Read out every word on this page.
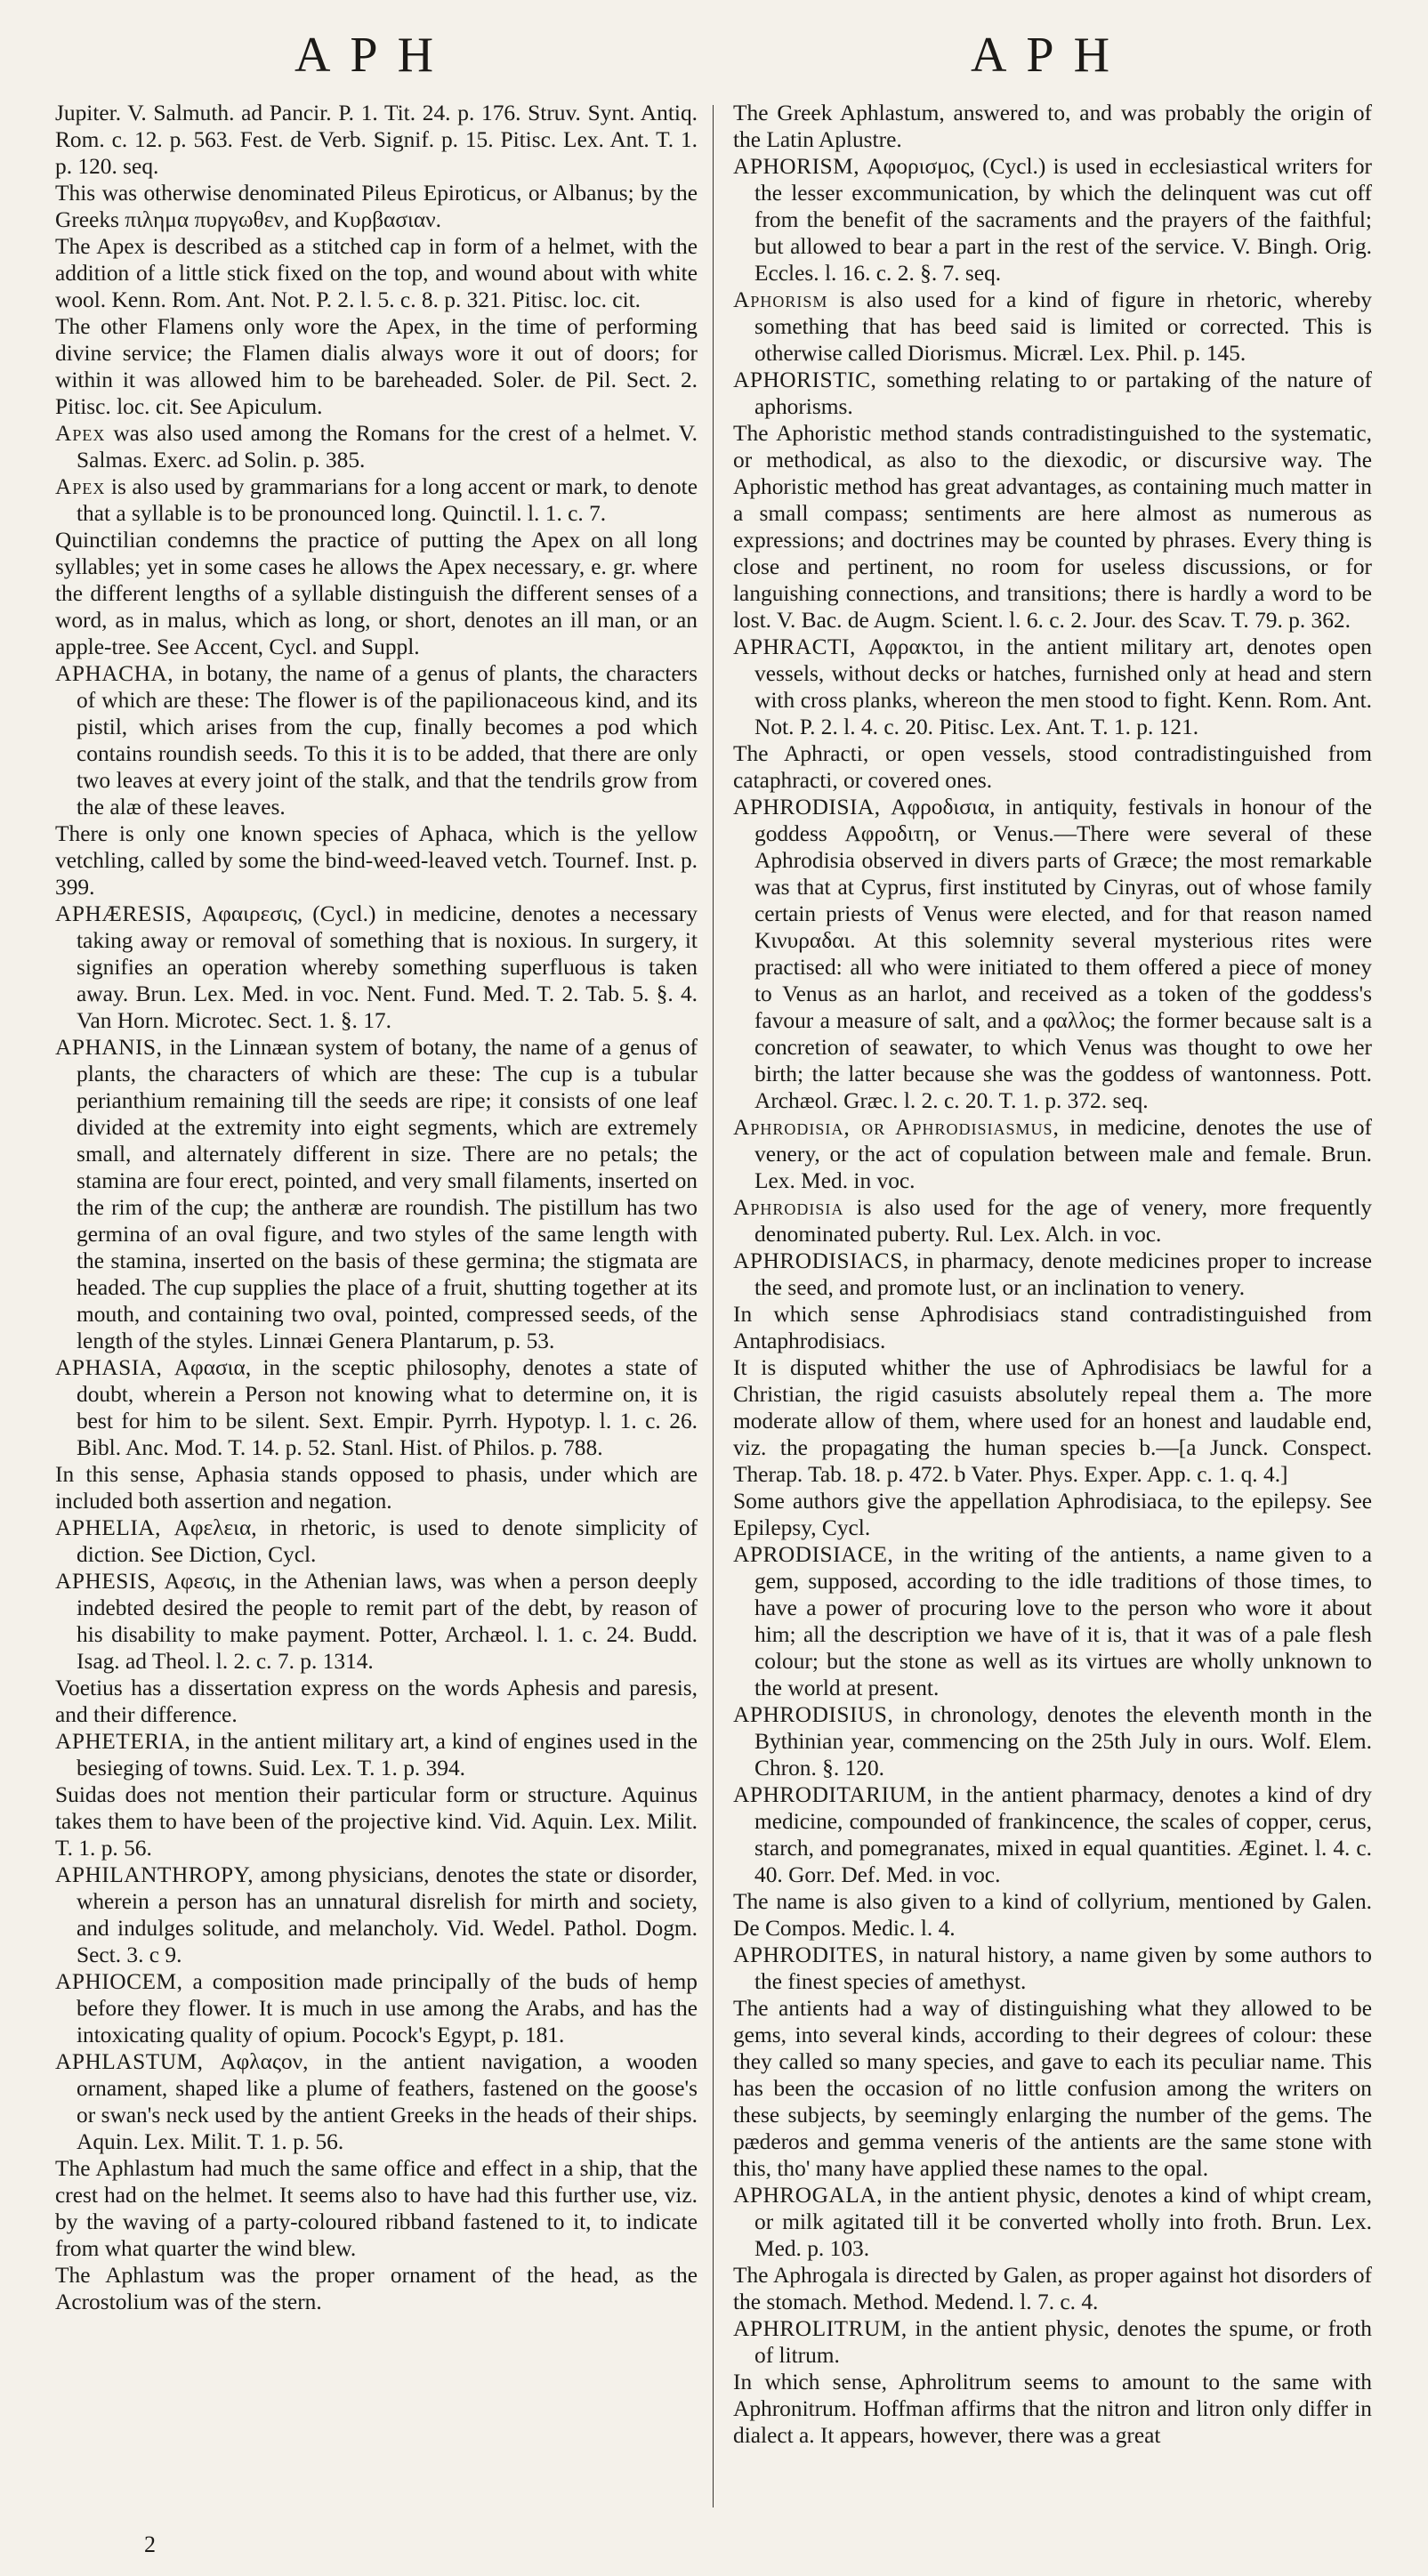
APH	APH

Jupiter. V. Salmuth. ad Pancir. P. 1. Tit. 24. p. 176. Struv. Synt. Antiq. Rom. c. 12. p. 563. Fest. de Verb. Signif. p. 15. Pitisc. Lex. Ant. T. 1. p. 120. seq.

This was otherwise denominated Pileus Epiroticus, or Albanus; by the Greeks πιλημα πυργωθεν, and Κυρβασιαν.

The Apex is described as a stitched cap in form of a helmet, with the addition of a little stick fixed on the top, and wound about with white wool. Kenn. Rom. Ant. Not. P. 2. l. 5. c. 8. p. 321. Pitisc. loc. cit.

The other Flamens only wore the Apex, in the time of performing divine service; the Flamen dialis always wore it out of doors; for within it was allowed him to be bareheaded. Soler. de Pil. Sect. 2. Pitisc. loc. cit. See Apiculum.

Apex was also used among the Romans for the crest of a helmet. V. Salmas. Exerc. ad Solin. p. 385.

Apex is also used by grammarians for a long accent or mark, to denote that a syllable is to be pronounced long. Quinctil. l. 1. c. 7.

Quinctilian condemns the practice of putting the Apex on all long syllables; yet in some cases he allows the Apex necessary, e. gr. where the different lengths of a syllable distinguish the different senses of a word, as in malus, which as long, or short, denotes an ill man, or an apple-tree. See Accent, Cycl. and Suppl.

APHACHA, in botany, the name of a genus of plants, the characters of which are these: The flower is of the papilionaceous kind, and its pistil, which arises from the cup, finally becomes a pod which contains roundish seeds. To this it is to be added, that there are only two leaves at every joint of the stalk, and that the tendrils grow from the alæ of these leaves.

There is only one known species of Aphaca, which is the yellow vetchling, called by some the bind-weed-leaved vetch. Tournef. Inst. p. 399.

APHÆRESIS, Αφαιρεσις, (Cycl.) in medicine, denotes a necessary taking away or removal of something that is noxious. In surgery, it signifies an operation whereby something superfluous is taken away. Brun. Lex. Med. in voc. Nent. Fund. Med. T. 2. Tab. 5. §. 4. Van Horn. Microtec. Sect. 1. §. 17.

APHANIS, in the Linnæan system of botany, the name of a genus of plants, the characters of which are these: The cup is a tubular perianthium remaining till the seeds are ripe; it consists of one leaf divided at the extremity into eight segments, which are extremely small, and alternately different in size. There are no petals; the stamina are four erect, pointed, and very small filaments, inserted on the rim of the cup; the antheræ are roundish. The pistillum has two germina of an oval figure, and two styles of the same length with the stamina, inserted on the basis of these germina; the stigmata are headed. The cup supplies the place of a fruit, shutting together at its mouth, and containing two oval, pointed, compressed seeds, of the length of the styles. Linnæi Genera Plantarum, p. 53.

APHASIA, Αφασια, in the sceptic philosophy, denotes a state of doubt, wherein a Person not knowing what to determine on, it is best for him to be silent. Sext. Empir. Pyrrh. Hypotyp. l. 1. c. 26. Bibl. Anc. Mod. T. 14. p. 52. Stanl. Hist. of Philos. p. 788.

In this sense, Aphasia stands opposed to phasis, under which are included both assertion and negation.

APHELIA, Αφελεια, in rhetoric, is used to denote simplicity of diction. See Diction, Cycl.

APHESIS, Αφεσις, in the Athenian laws, was when a person deeply indebted desired the people to remit part of the debt, by reason of his disability to make payment. Potter, Archæol. l. 1. c. 24. Budd. Isag. ad Theol. l. 2. c. 7. p. 1314.

Voetius has a dissertation express on the words Aphesis and paresis, and their difference.

APHETERIA, in the antient military art, a kind of engines used in the besieging of towns. Suid. Lex. T. 1. p. 394.

Suidas does not mention their particular form or structure. Aquinus takes them to have been of the projective kind. Vid. Aquin. Lex. Milit. T. 1. p. 56.

APHILANTHROPY, among physicians, denotes the state or disorder, wherein a person has an unnatural disrelish for mirth and society, and indulges solitude, and melancholy. Vid. Wedel. Pathol. Dogm. Sect. 3. c 9.

APHIOCEM, a composition made principally of the buds of hemp before they flower. It is much in use among the Arabs, and has the intoxicating quality of opium. Pocock's Egypt, p. 181.

APHLASTUM, Αφλαςον, in the antient navigation, a wooden ornament, shaped like a plume of feathers, fastened on the goose's or swan's neck used by the antient Greeks in the heads of their ships. Aquin. Lex. Milit. T. 1. p. 56.

The Aphlastum had much the same office and effect in a ship, that the crest had on the helmet. It seems also to have had this further use, viz. by the waving of a party-coloured ribband fastened to it, to indicate from what quarter the wind blew.

The Aphlastum was the proper ornament of the head, as the Acrostolium was of the stern.

The Greek Aphlastum, answered to, and was probably the origin of the Latin Aplustre.

APHORISM, Αφορισμος, (Cycl.) is used in ecclesiastical writers for the lesser excommunication, by which the delinquent was cut off from the benefit of the sacraments and the prayers of the faithful; but allowed to bear a part in the rest of the service. V. Bingh. Orig. Eccles. l. 16. c. 2. §. 7. seq.

Aphorism is also used for a kind of figure in rhetoric, whereby something that has beed said is limited or corrected. This is otherwise called Diorismus. Micræl. Lex. Phil. p. 145.

APHORISTIC, something relating to or partaking of the nature of aphorisms.

The Aphoristic method stands contradistinguished to the systematic, or methodical, as also to the diexodic, or discursive way. The Aphoristic method has great advantages, as containing much matter in a small compass; sentiments are here almost as numerous as expressions; and doctrines may be counted by phrases. Every thing is close and pertinent, no room for useless discussions, or for languishing connections, and transitions; there is hardly a word to be lost. V. Bac. de Augm. Scient. l. 6. c. 2. Jour. des Scav. T. 79. p. 362.

APHRACTI, Αφρακτοι, in the antient military art, denotes open vessels, without decks or hatches, furnished only at head and stern with cross planks, whereon the men stood to fight. Kenn. Rom. Ant. Not. P. 2. l. 4. c. 20. Pitisc. Lex. Ant. T. 1. p. 121.

The Aphracti, or open vessels, stood contradistinguished from cataphracti, or covered ones.

APHRODISIA, Αφροδισια, in antiquity, festivals in honour of the goddess Αφροδιτη, or Venus.—There were several of these Aphrodisia observed in divers parts of Græce; the most remarkable was that at Cyprus, first instituted by Cinyras, out of whose family certain priests of Venus were elected, and for that reason named Κινυραδαι. At this solemnity several mysterious rites were practised: all who were initiated to them offered a piece of money to Venus as an harlot, and received as a token of the goddess's favour a measure of salt, and a φαλλος; the former because salt is a concretion of seawater, to which Venus was thought to owe her birth; the latter because she was the goddess of wantonness. Pott. Archæol. Græc. l. 2. c. 20. T. 1. p. 372. seq.

Aphrodisia, or Aphrodisiasmus, in medicine, denotes the use of venery, or the act of copulation between male and female. Brun. Lex. Med. in voc.

Aphrodisia is also used for the age of venery, more frequently denominated puberty. Rul. Lex. Alch. in voc.

APHRODISIACS, in pharmacy, denote medicines proper to increase the seed, and promote lust, or an inclination to venery.

In which sense Aphrodisiacs stand contradistinguished from Antaphrodisiacs.

It is disputed whither the use of Aphrodisiacs be lawful for a Christian, the rigid casuists absolutely repeal them a. The more moderate allow of them, where used for an honest and laudable end, viz. the propagating the human species b.—[a Junck. Conspect. Therap. Tab. 18. p. 472. b Vater. Phys. Exper. App. c. 1. q. 4.]

Some authors give the appellation Aphrodisiaca, to the epilepsy. See Epilepsy, Cycl.

APRODISIACE, in the writing of the antients, a name given to a gem, supposed, according to the idle traditions of those times, to have a power of procuring love to the person who wore it about him; all the description we have of it is, that it was of a pale flesh colour; but the stone as well as its virtues are wholly unknown to the world at present.

APHRODISIUS, in chronology, denotes the eleventh month in the Bythinian year, commencing on the 25th July in ours. Wolf. Elem. Chron. §. 120.

APHRODITARIUM, in the antient pharmacy, denotes a kind of dry medicine, compounded of frankincence, the scales of copper, cerus, starch, and pomegranates, mixed in equal quantities. Æginet. l. 4. c. 40. Gorr. Def. Med. in voc.

The name is also given to a kind of collyrium, mentioned by Galen. De Compos. Medic. l. 4.

APHRODITES, in natural history, a name given by some authors to the finest species of amethyst.

The antients had a way of distinguishing what they allowed to be gems, into several kinds, according to their degrees of colour: these they called so many species, and gave to each its peculiar name. This has been the occasion of no little confusion among the writers on these subjects, by seemingly enlarging the number of the gems. The pæderos and gemma veneris of the antients are the same stone with this, tho' many have applied these names to the opal.

APHROGALA, in the antient physic, denotes a kind of whipt cream, or milk agitated till it be converted wholly into froth. Brun. Lex. Med. p. 103.

The Aphrogala is directed by Galen, as proper against hot disorders of the stomach. Method. Medend. l. 7. c. 4.

APHROLITRUM, in the antient physic, denotes the spume, or froth of litrum.

In which sense, Aphrolitrum seems to amount to the same with Aphronitrum. Hoffman affirms that the nitron and litron only differ in dialect a. It appears, however, there was a great

2
